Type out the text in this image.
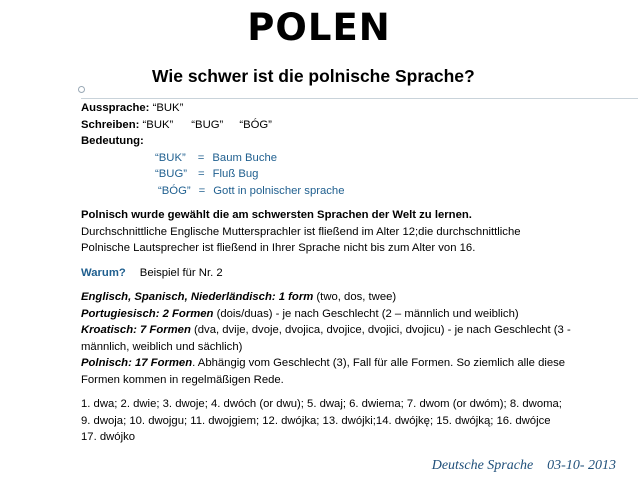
POLEN
Wie schwer ist die polnische Sprache?

Aussprache: “BUK”

Schreiben: “BUK” “BUG” “BÓG”

Bedeutung:

“BUK” = Baum Buche

“BUG” = Fluß Bug

“BÓG” = Gott in polnischer sprache

Polnisch wurde gewählt die am schwersten Sprachen der Welt zu lernen.

Durchschnittliche Englische Muttersprachler ist fließend im Alter 12;die durchschnittliche

Polnische Lautsprecher ist fließend in Ihrer Sprache nicht bis zum Alter von 16.

Warum? Beispiel für Nr. 2

Englisch, Spanisch, Niederländisch: 1 form (two, dos, twee)

Portugiesisch: 2 Formen (dois/duas) - je nach Geschlecht (2 – männlich und weiblich)

Kroatisch: 7 Formen (dva, dvije, dvoje, dvojica, dvojice, dvojici, dvojicu) - je nach Geschlecht (3 -

männlich, weiblich und sächlich)

Polnisch: 17 Formen. Abhängig vom Geschlecht (3), Fall für alle Formen. So ziemlich alle diese

Formen kommen in regelmäßigen Rede.

1. dwa; 2. dwie; 3. dwoje; 4. dwóch (or dwu); 5. dwaj; 6. dwiema; 7. dwom (or dwóm); 8. dwoma;

9. dwoja; 10. dwojgu; 11. dwojgiem; 12. dwójka; 13. dwójki;14. dwójkę; 15. dwójką; 16. dwójce

17. dwójko

Deutsche Sprache 03-10- 2013
